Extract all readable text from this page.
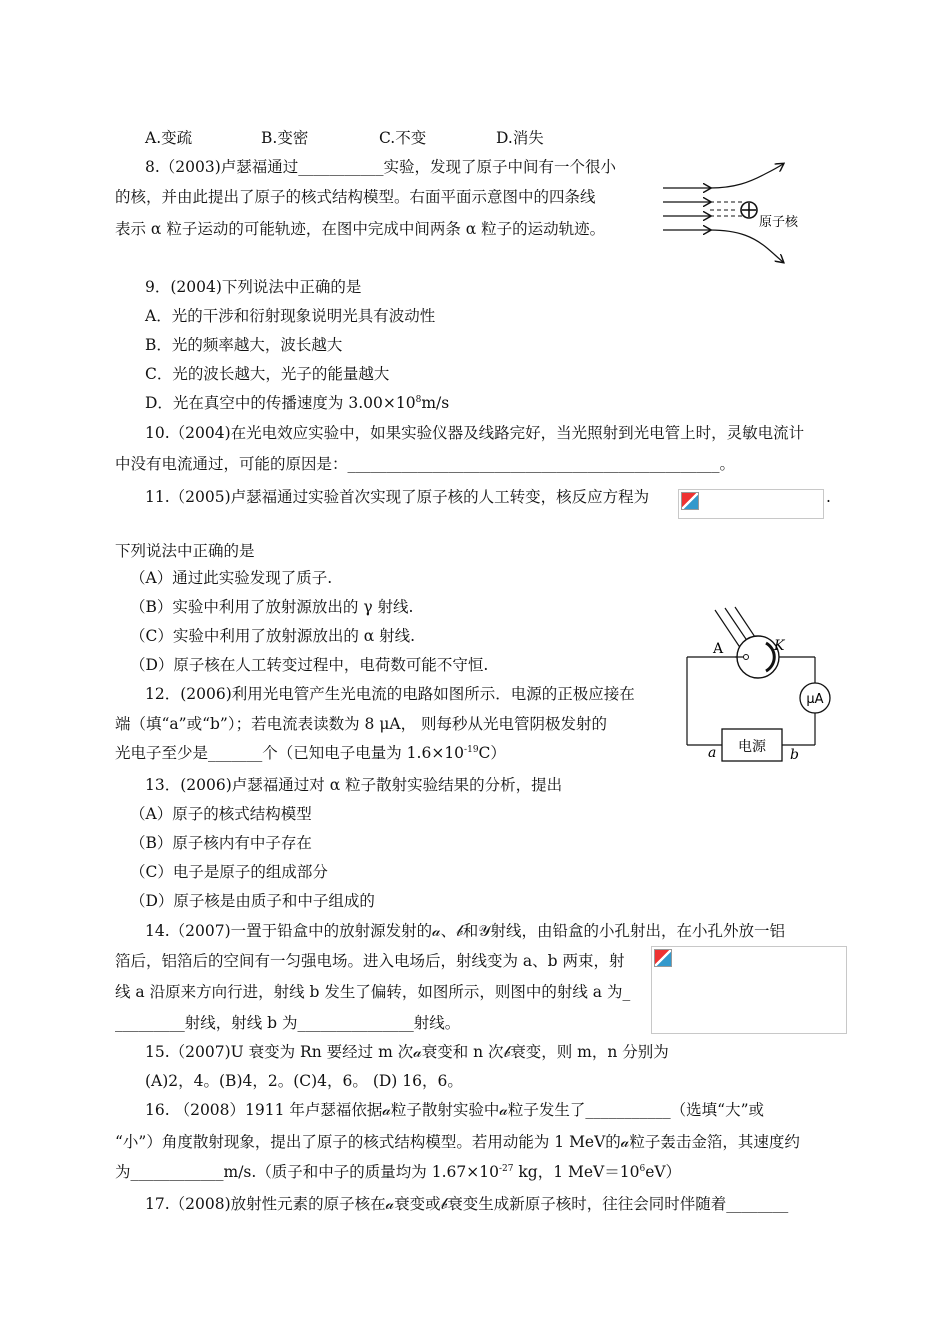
A.变疏	B.变密	C.不变	D.消失
8.（2003)卢瑟福通过___________实验，发现了原子中间有一个很小
的核，并由此提出了原子的核式结构模型。右面平面示意图中的四条线
表示 α 粒子运动的可能轨迹，在图中完成中间两条 α 粒子的运动轨迹。	原子核
9．(2004)下列说法中正确的是
A．光的干涉和衍射现象说明光具有波动性
B．光的频率越大，波长越大
C．光的波长越大，光子的能量越大
D．光在真空中的传播速度为 $3.00\times 10^8m/s$
10.（2004)在光电效应实验中，如果实验仪器及线路完好，当光照射到光电管上时，灵敏电流计
中没有电流通过，可能的原因是：________________________________________________。
11.（2005)卢瑟福通过实验首次实现了原子核的人工转变，核反应方程为	.
下列说法中正确的是
（A）通过此实验发现了质子.
（B）实验中利用了放射源放出的 γ 射线.
（C）实验中利用了放射源放出的 α 射线.
（D）原子核在人工转变过程中，电荷数可能不守恒.
12．(2006)利用光电管产生光电流的电路如图所示．电源的正极应接在
端（填“a”或“b”）；若电流表读数为 8 μA， 则每秒从光电管阴极发射的
光电子至少是_______个（已知电子电量为 $1.6\times 10^{-19}C$）
μA
电源
A	K
a	b
13．(2006)卢瑟福通过对 α 粒子散射实验结果的分析，提出
（A）原子的核式结构模型
（B）原子核内有中子存在
（C）电子是原子的组成部分
（D）原子核是由质子和中子组成的
14.（2007)一置于铅盒中的放射源发射的𝒶、𝒷和𝒴射线，由铅盒的小孔射出，在小孔外放一铝
箔后，铝箔后的空间有一匀强电场。进入电场后，射线变为 a、b 两束，射
线 a 沿原来方向行进，射线 b 发生了偏转，如图所示，则图中的射线 a 为_
_________射线，射线 b 为_______________射线。
15.（2007)U 衰变为 Rn 要经过 m 次𝒶衰变和 n 次𝒷衰变，则 m，n 分别为
(A)2，4。(B)4，2。(C)4，6。 (D) 16，6。
16. （2008）1911 年卢瑟福依据𝒶粒子散射实验中𝒶粒子发生了___________（选填“大”或
“小”）角度散射现象，提出了原子的核式结构模型。若用动能为 1 MeV的𝒶粒子轰击金箔，其速度约
为____________m/s.（质子和中子的质量均为 $1.67\times 10^{-27}$ kg，1 $MeV=10^6eV$）
17.（2008)放射性元素的原子核在𝒶衰变或𝒷衰变生成新原子核时，往往会同时伴随着________
